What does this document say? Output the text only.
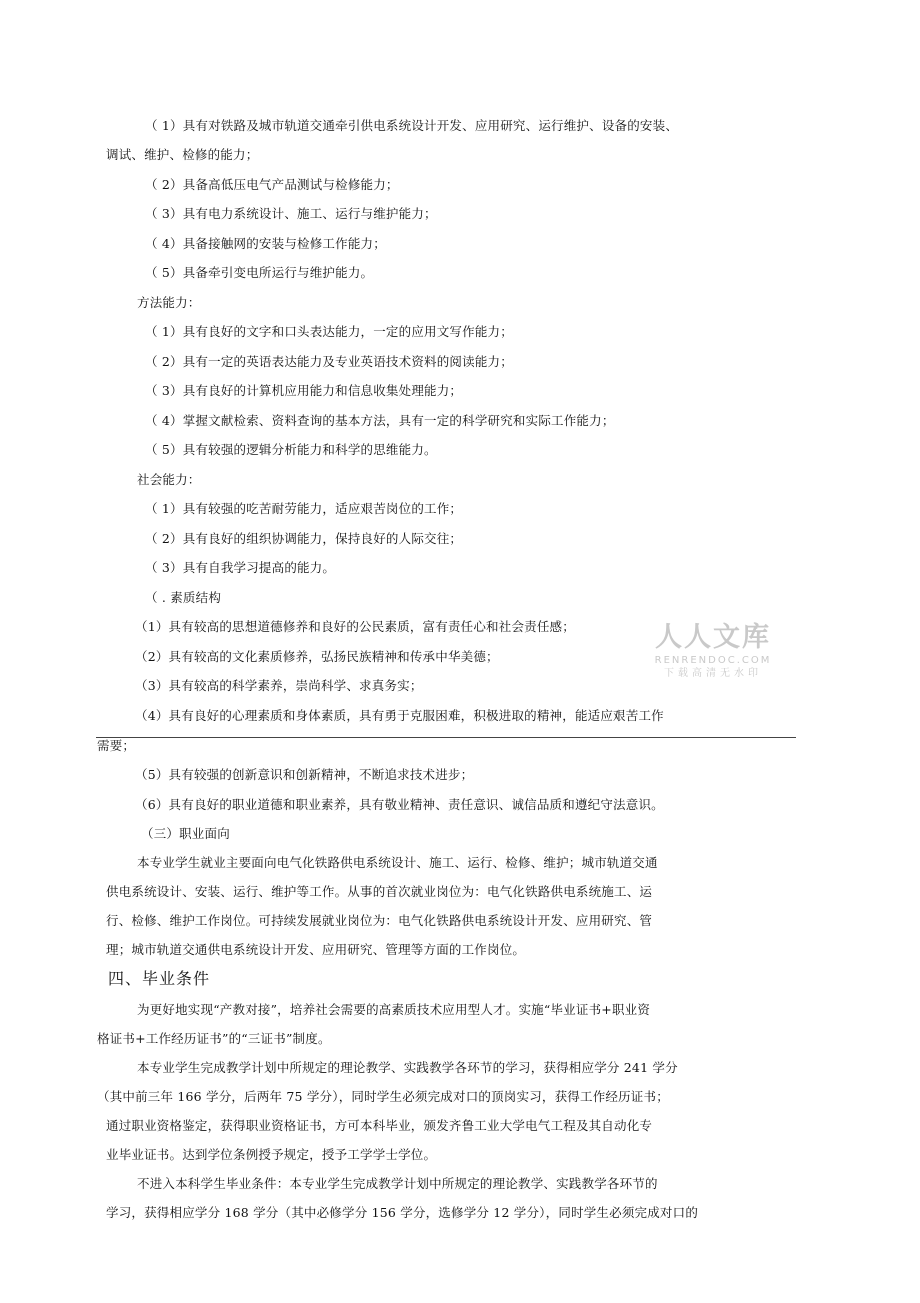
（ 1）具有对铁路及城市轨道交通牵引供电系统设计开发、应用研究、运行维护、设备的安装、
调试、维护、检修的能力；
（ 2）具备高低压电气产品测试与检修能力；
（ 3）具有电力系统设计、施工、运行与维护能力；
（ 4）具备接触网的安装与检修工作能力；
（ 5）具备牵引变电所运行与维护能力。
方法能力：
（ 1）具有良好的文字和口头表达能力，一定的应用文写作能力；
（ 2）具有一定的英语表达能力及专业英语技术资料的阅读能力；
（ 3）具有良好的计算机应用能力和信息收集处理能力；
（ 4）掌握文献检索、资料查询的基本方法，具有一定的科学研究和实际工作能力；
（ 5）具有较强的逻辑分析能力和科学的思维能力。
社会能力：
（ 1）具有较强的吃苦耐劳能力，适应艰苦岗位的工作；
（ 2）具有良好的组织协调能力，保持良好的人际交往；
（ 3）具有自我学习提高的能力。
（ . 素质结构
（1）具有较高的思想道德修养和良好的公民素质，富有责任心和社会责任感；
（2）具有较高的文化素质修养，弘扬民族精神和传承中华美德；
（3）具有较高的科学素养，崇尚科学、求真务实；
（4）具有良好的心理素质和身体素质，具有勇于克服困难，积极进取的精神，能适应艰苦工作
需要；
（5）具有较强的创新意识和创新精神，不断追求技术进步；
（6）具有良好的职业道德和职业素养，具有敬业精神、责任意识、诚信品质和遵纪守法意识。
（三）职业面向
本专业学生就业主要面向电气化铁路供电系统设计、施工、运行、检修、维护；城市轨道交通
供电系统设计、安装、运行、维护等工作。从事的首次就业岗位为：电气化铁路供电系统施工、运
行、检修、维护工作岗位。可持续发展就业岗位为：电气化铁路供电系统设计开发、应用研究、管
理；城市轨道交通供电系统设计开发、应用研究、管理等方面的工作岗位。
四、毕业条件
为更好地实现“产教对接”，培养社会需要的高素质技术应用型人才。实施“毕业证书+职业资
格证书+工作经历证书”的“三证书”制度。
本专业学生完成教学计划中所规定的理论教学、实践教学各环节的学习，获得相应学分 241 学分
（其中前三年 166 学分，后两年 75 学分），同时学生必须完成对口的顶岗实习，获得工作经历证书；
通过职业资格鉴定，获得职业资格证书，方可本科毕业，颁发齐鲁工业大学电气工程及其自动化专
业毕业证书。达到学位条例授予规定，授予工学学士学位。
不进入本科学生毕业条件：本专业学生完成教学计划中所规定的理论教学、实践教学各环节的
学习，获得相应学分 168 学分（其中必修学分 156 学分，选修学分 12 学分），同时学生必须完成对口的
人人文库
RENRENDOC.COM
下载高清无水印
